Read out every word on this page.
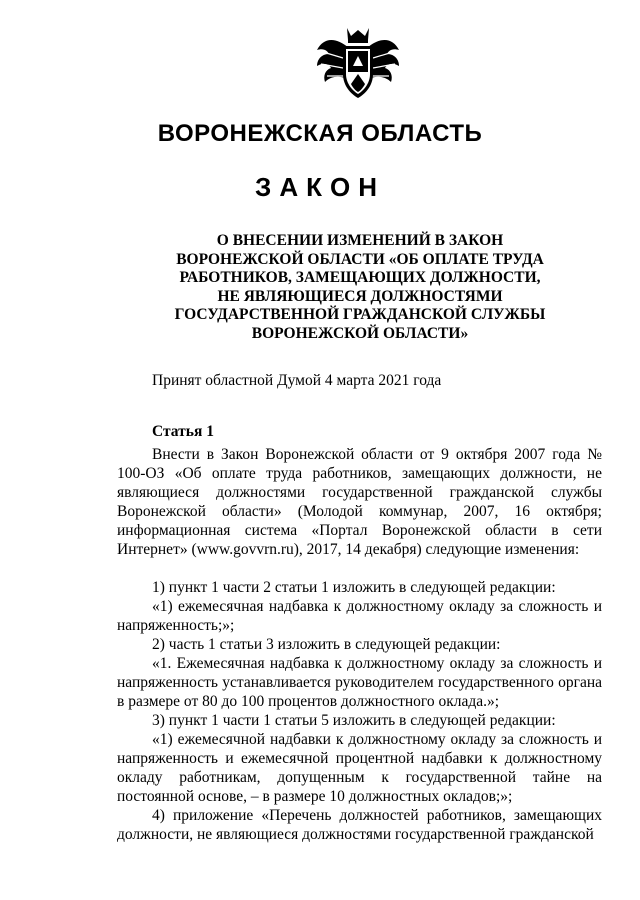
ВОРОНЕЖСКАЯ ОБЛАСТЬ
ЗАКОН
О ВНЕСЕНИИ ИЗМЕНЕНИЙ В ЗАКОН
ВОРОНЕЖСКОЙ ОБЛАСТИ «ОБ ОПЛАТЕ ТРУДА
РАБОТНИКОВ, ЗАМЕЩАЮЩИХ ДОЛЖНОСТИ,
НЕ ЯВЛЯЮЩИЕСЯ ДОЛЖНОСТЯМИ
ГОСУДАРСТВЕННОЙ ГРАЖДАНСКОЙ СЛУЖБЫ
ВОРОНЕЖСКОЙ ОБЛАСТИ»
Принят областной Думой 4 марта 2021 года
Статья 1

Внести в Закон Воронежской области от 9 октября 2007 года № 100-ОЗ «Об оплате труда работников, замещающих должности, не являющиеся должностями государственной гражданской службы Воронежской области» (Молодой коммунар, 2007, 16 октября; информационная система «Портал Воронежской области в сети Интернет» (www.govvrn.ru), 2017, 14 декабря) следующие изменения:

1) пункт 1 части 2 статьи 1 изложить в следующей редакции:

«1) ежемесячная надбавка к должностному окладу за сложность и напряженность;»;

2) часть 1 статьи 3 изложить в следующей редакции:

«1. Ежемесячная надбавка к должностному окладу за сложность и напряженность устанавливается руководителем государственного органа в размере от 80 до 100 процентов должностного оклада.»;

3) пункт 1 части 1 статьи 5 изложить в следующей редакции:

«1) ежемесячной надбавки к должностному окладу за сложность и напряженность и ежемесячной процентной надбавки к должностному окладу работникам, допущенным к государственной тайне на постоянной основе, – в размере 10 должностных окладов;»;

4) приложение «Перечень должностей работников, замещающих должности, не являющиеся должностями государственной гражданской
